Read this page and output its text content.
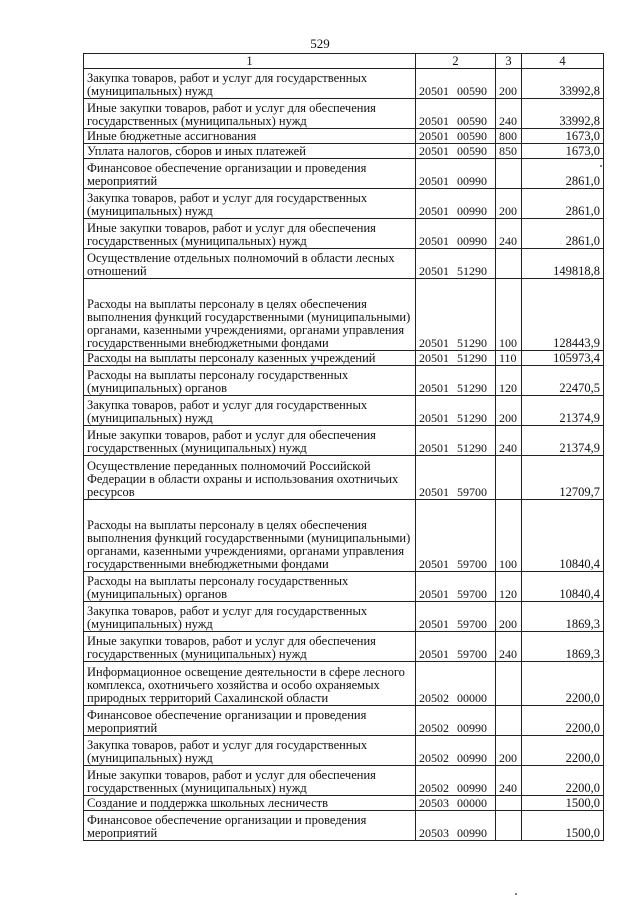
529
1	2	3	4
Закупка товаров, работ и услуг для государственных (муниципальных) нужд	20501 00590	200	33992,8
Иные закупки товаров, работ и услуг для обеспечения государственных (муниципальных) нужд	20501 00590	240	33992,8
Иные бюджетные ассигнования	20501 00590	800	1673,0
Уплата налогов, сборов и иных платежей	20501 00590	850	1673,0
Финансовое обеспечение организации и проведения мероприятий	20501 00990		2861,0
Закупка товаров, работ и услуг для государственных (муниципальных) нужд	20501 00990	200	2861,0
Иные закупки товаров, работ и услуг для обеспечения государственных (муниципальных) нужд	20501 00990	240	2861,0
Осуществление отдельных полномочий в области лесных отношений	20501 51290		149818,8
Расходы на выплаты персоналу в целях обеспечения выполнения функций государственными (муниципальными) органами, казенными учреждениями, органами управления государственными внебюджетными фондами	20501 51290	100	128443,9
Расходы на выплаты персоналу казенных учреждений	20501 51290	110	105973,4
Расходы на выплаты персоналу государственных (муниципальных) органов	20501 51290	120	22470,5
Закупка товаров, работ и услуг для государственных (муниципальных) нужд	20501 51290	200	21374,9
Иные закупки товаров, работ и услуг для обеспечения государственных (муниципальных) нужд	20501 51290	240	21374,9
Осуществление переданных полномочий Российской Федерации в области охраны и использования охотничьих ресурсов	20501 59700		12709,7
Расходы на выплаты персоналу в целях обеспечения выполнения функций государственными (муниципальными) органами, казенными учреждениями, органами управления государственными внебюджетными фондами	20501 59700	100	10840,4
Расходы на выплаты персоналу государственных (муниципальных) органов	20501 59700	120	10840,4
Закупка товаров, работ и услуг для государственных (муниципальных) нужд	20501 59700	200	1869,3
Иные закупки товаров, работ и услуг для обеспечения государственных (муниципальных) нужд	20501 59700	240	1869,3
Информационное освещение деятельности в сфере лесного комплекса, охотничьего хозяйства и особо охраняемых природных территорий Сахалинской области	20502 00000		2200,0
Финансовое обеспечение организации и проведения мероприятий	20502 00990		2200,0
Закупка товаров, работ и услуг для государственных (муниципальных) нужд	20502 00990	200	2200,0
Иные закупки товаров, работ и услуг для обеспечения государственных (муниципальных) нужд	20502 00990	240	2200,0
Создание и поддержка школьных лесничеств	20503 00000		1500,0
Финансовое обеспечение организации и проведения мероприятий	20503 00990		1500,0
